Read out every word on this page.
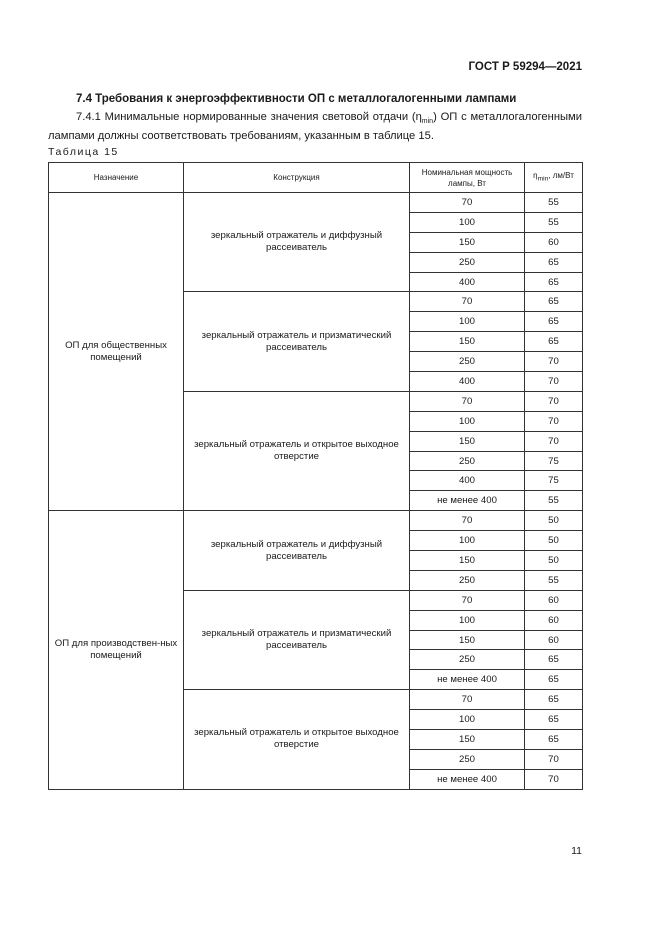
ГОСТ Р 59294—2021
7.4 Требования к энергоэффективности ОП с металлогалогенными лампами
7.4.1 Минимальные нормированные значения световой отдачи $(\eta_{min})$ ОП с металлогалогенными лампами должны соответствовать требованиям, указанным в таблице 15.
Таблица 15
Назначение	Конструкция	Номинальная мощность лампы, Вт	$\eta_{min}$, лм/Вт
ОП для общественных помещений	зеркальный отражатель и диффузный рассеиватель	70	55
		100	55
		150	60
		250	65
		400	65
	зеркальный отражатель и призматический рассеиватель	70	65
		100	65
		150	65
		250	70
		400	70
	зеркальный отражатель и открытое выходное отверстие	70	70
		100	70
		150	70
		250	75
		400	75
		не менее 400	55
ОП для производствен-ных помещений	зеркальный отражатель и диффузный рассеиватель	70	50
		100	50
		150	50
		250	55
	зеркальный отражатель и призматический рассеиватель	70	60
		100	60
		150	60
		250	65
		не менее 400	65
	зеркальный отражатель и открытое выходное отверстие	70	65
		100	65
		150	65
		250	70
		не менее 400	70
11
